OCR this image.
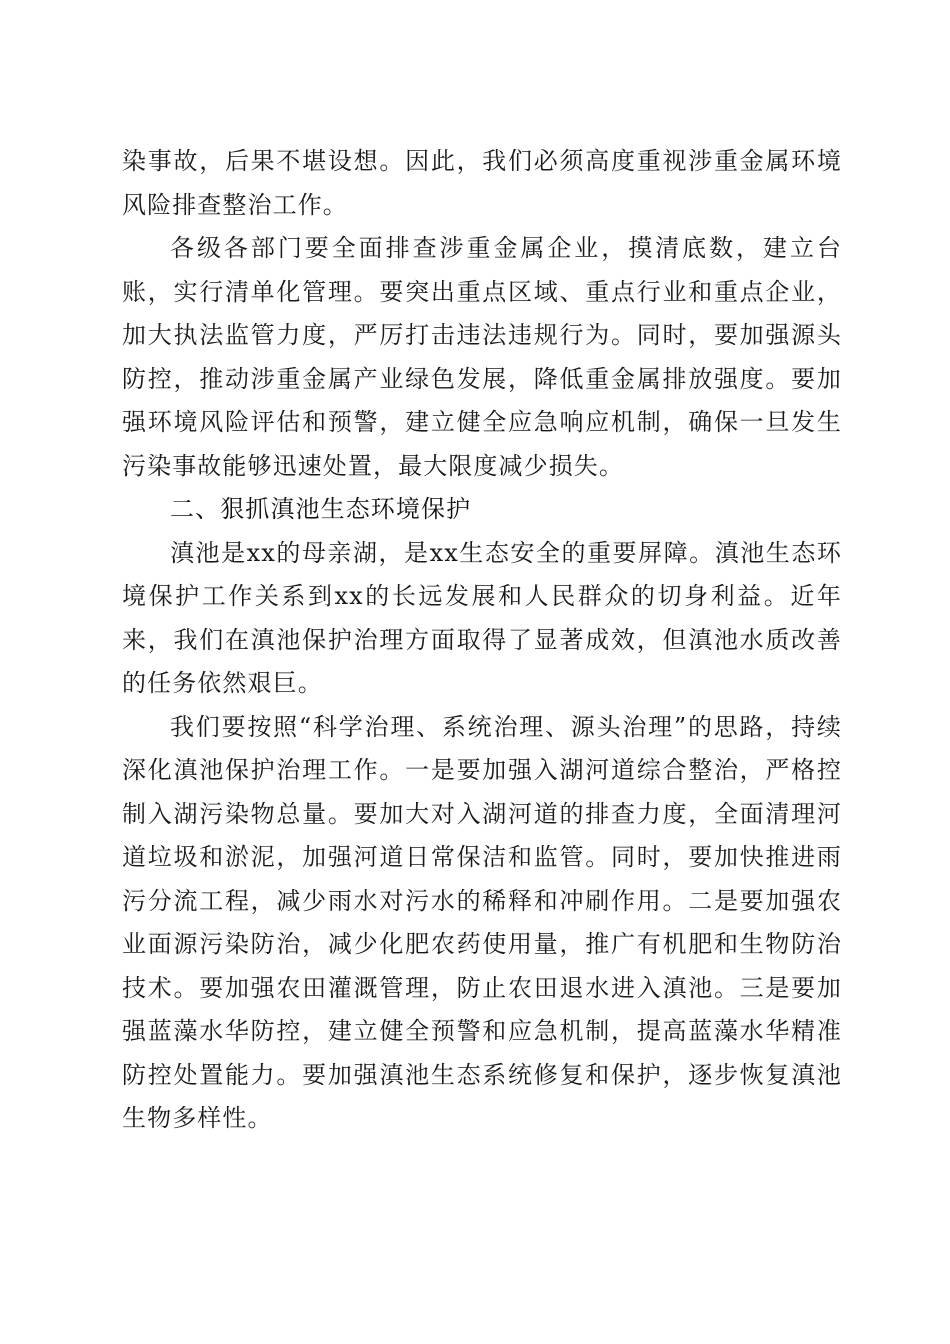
染事故，后果不堪设想。因此，我们必须高度重视涉重金属环境风险排查整治工作。

各级各部门要全面排查涉重金属企业，摸清底数，建立台账，实行清单化管理。要突出重点区域、重点行业和重点企业，加大执法监管力度，严厉打击违法违规行为。同时，要加强源头防控，推动涉重金属产业绿色发展，降低重金属排放强度。要加强环境风险评估和预警，建立健全应急响应机制，确保一旦发生污染事故能够迅速处置，最大限度减少损失。

二、狠抓滇池生态环境保护

滇池是xx的母亲湖，是xx生态安全的重要屏障。滇池生态环境保护工作关系到xx的长远发展和人民群众的切身利益。近年来，我们在滇池保护治理方面取得了显著成效，但滇池水质改善的任务依然艰巨。

我们要按照“科学治理、系统治理、源头治理”的思路，持续深化滇池保护治理工作。一是要加强入湖河道综合整治，严格控制入湖污染物总量。要加大对入湖河道的排查力度，全面清理河道垃圾和淤泥，加强河道日常保洁和监管。同时，要加快推进雨污分流工程，减少雨水对污水的稀释和冲刷作用。二是要加强农业面源污染防治，减少化肥农药使用量，推广有机肥和生物防治技术。要加强农田灌溉管理，防止农田退水进入滇池。三是要加强蓝藻水华防控，建立健全预警和应急机制，提高蓝藻水华精准防控处置能力。要加强滇池生态系统修复和保护，逐步恢复滇池生物多样性。
